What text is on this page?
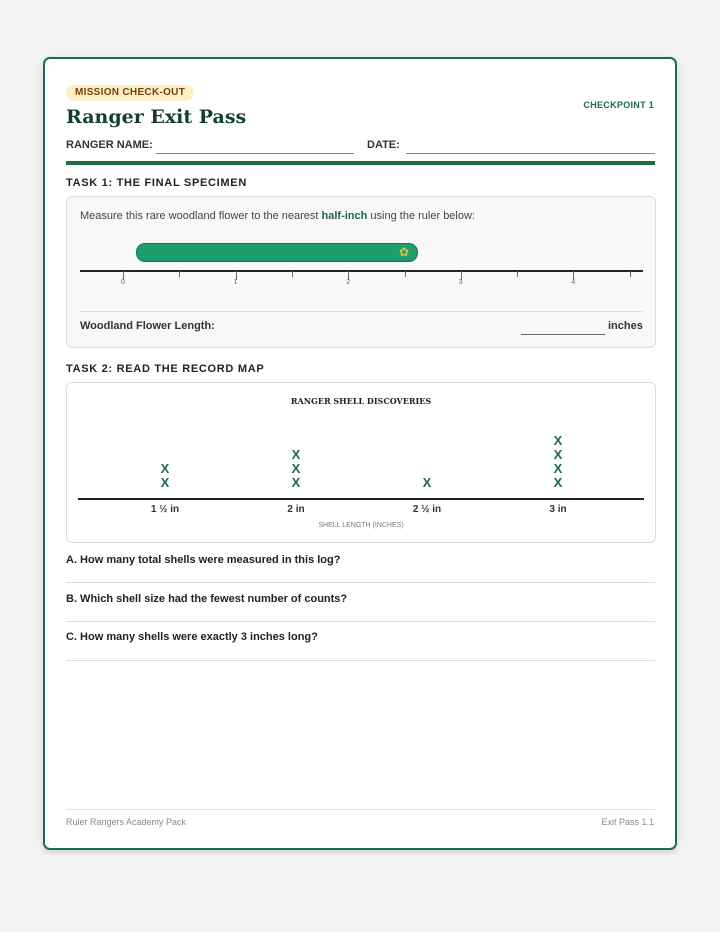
MISSION CHECK-OUT
CHECKPOINT 1
Ranger Exit Pass
RANGER NAME:	DATE:
TASK 1: THE FINAL SPECIMEN
Measure this rare woodland flower to the nearest half-inch using the ruler below:
✿
Woodland Flower Length:	inches
0	1	2	3	4
TASK 2: READ THE RECORD MAP
RANGER SHELL DISCOVERIES
SHELL LENGTH (INCHES)
X
X
1 ½ in
X
X
X
2 in
X
2 ½ in
X
X
X
X
3 in
A. How many total shells were measured in this log?
B. Which shell size had the fewest number of counts?
C. How many shells were exactly 3 inches long?
Ruler Rangers Academy Pack	Exit Pass 1.1
